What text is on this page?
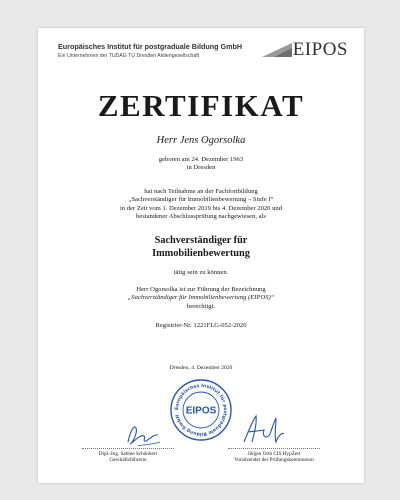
Europäisches Institut für postgraduale Bildung GmbH
Ein Unternehmen der TUDAG TU Dresden Aktiengesellschaft	EIPOS
ZERTIFIKAT
Herr Jens Ogorsolka
geboren am 24. Dezember 1963
in Dresden
hat nach Teilnahme an der Fachfortbildung
„Sachverständiger für Immobilienbewertung – Stufe I“
in der Zeit vom 1. Dezember 2019 bis 4. Dezember 2020 und
bestandener Abschlussprüfung nachgewiesen, als
Sachverständiger für
Immobilienbewertung
tätig sein zu können.
Herr Ogorsolka ist zur Führung der Bezeichnung
„Sachverständiger für Immobilienbewertung (EIPOS)“
berechtigt.
Registrier-Nr. 1221FLG-052-2020
Dresden, 4. Dezember 2020
Europäisches Institut für postgraduale Bildung GmbH EIPOS
Dipl.-Ing. Sabine Schönherr
Geschäftsführerin
Jürgen Orth CIS HypZert
Vorsitzender der Prüfungskommission
